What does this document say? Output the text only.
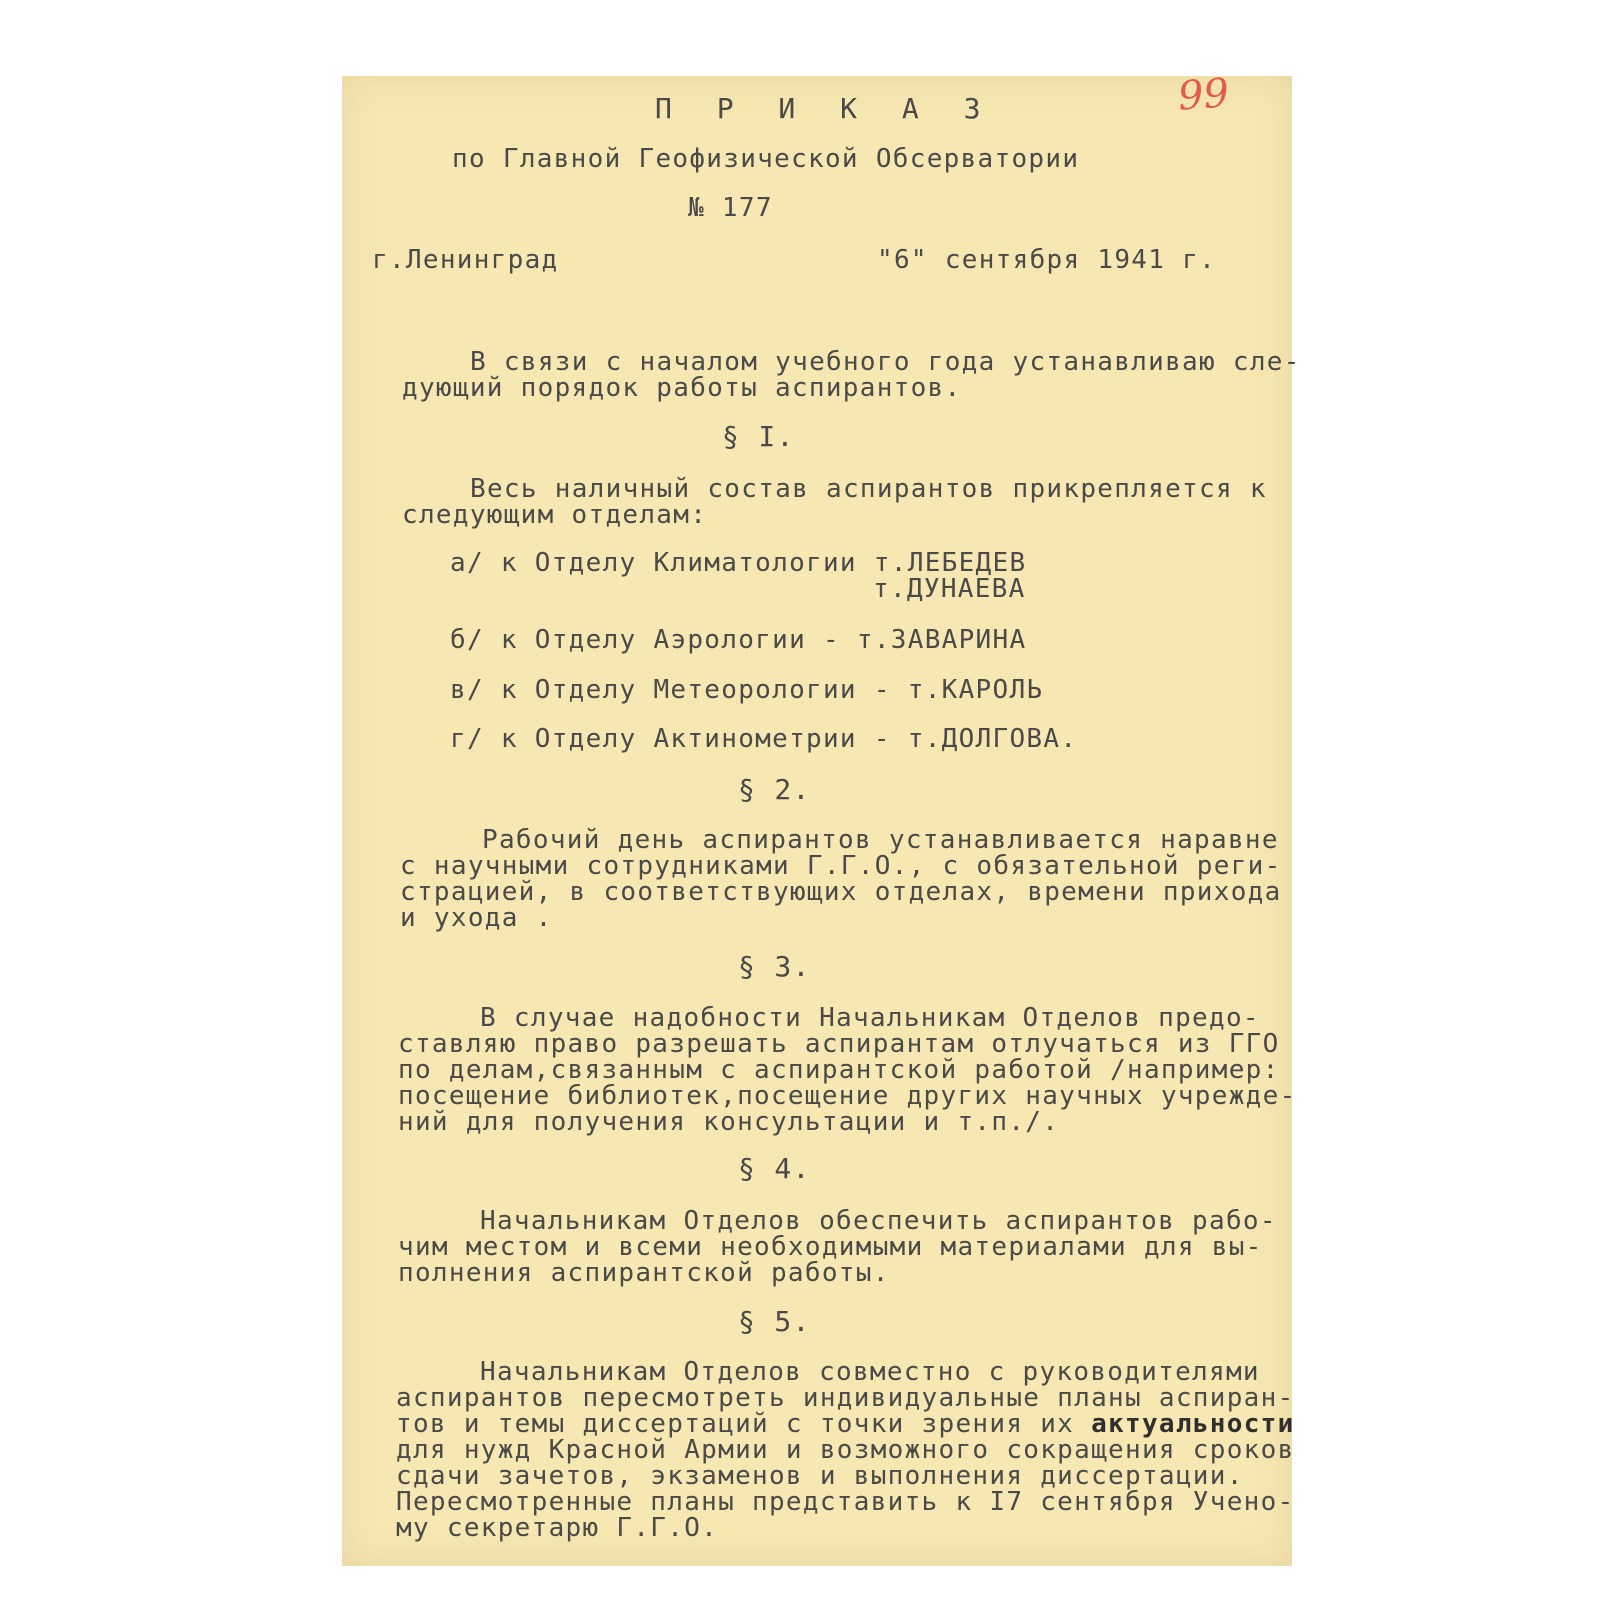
99
П Р И К А З
по Главной Геофизической Обсерватории
№ 177
г.Ленинград	"6" сентября 1941 г.
В связи с началом учебного года устанавливаю сле-
дующий порядок работы аспирантов.
§ I.
Весь наличный состав аспирантов прикрепляется к
следующим отделам:
а/ к Отделу Климатологии т.ЛЕБЕДЕВ
т.ДУНАЕВА
б/ к Отделу Аэрологии - т.ЗАВАРИНА
в/ к Отделу Метеорологии - т.КАРОЛЬ
г/ к Отделу Актинометрии - т.ДОЛГОВА.
§ 2.
Рабочий день аспирантов устанавливается наравне
с научными сотрудниками Г.Г.О., с обязательной реги-
страцией, в соответствующих отделах, времени прихода
и ухода .
§ 3.
В случае надобности Начальникам Отделов предо-
ставляю право разрешать аспирантам отлучаться из ГГО
по делам,связанным с аспирантской работой /например:
посещение библиотек,посещение других научных учрежде-
ний для получения консультации и т.п./.
§ 4.
Начальникам Отделов обеспечить аспирантов рабо-
чим местом и всеми необходимыми материалами для вы-
полнения аспирантской работы.
§ 5.
Начальникам Отделов совместно с руководителями
аспирантов пересмотреть индивидуальные планы аспиран-
тов и темы диссертаций с точки зрения их актуальности
для нужд Красной Армии и возможного сокращения сроков
сдачи зачетов, экзаменов и выполнения диссертации.
Пересмотренные планы представить к I7 сентября Учено-
му секретарю Г.Г.О.
